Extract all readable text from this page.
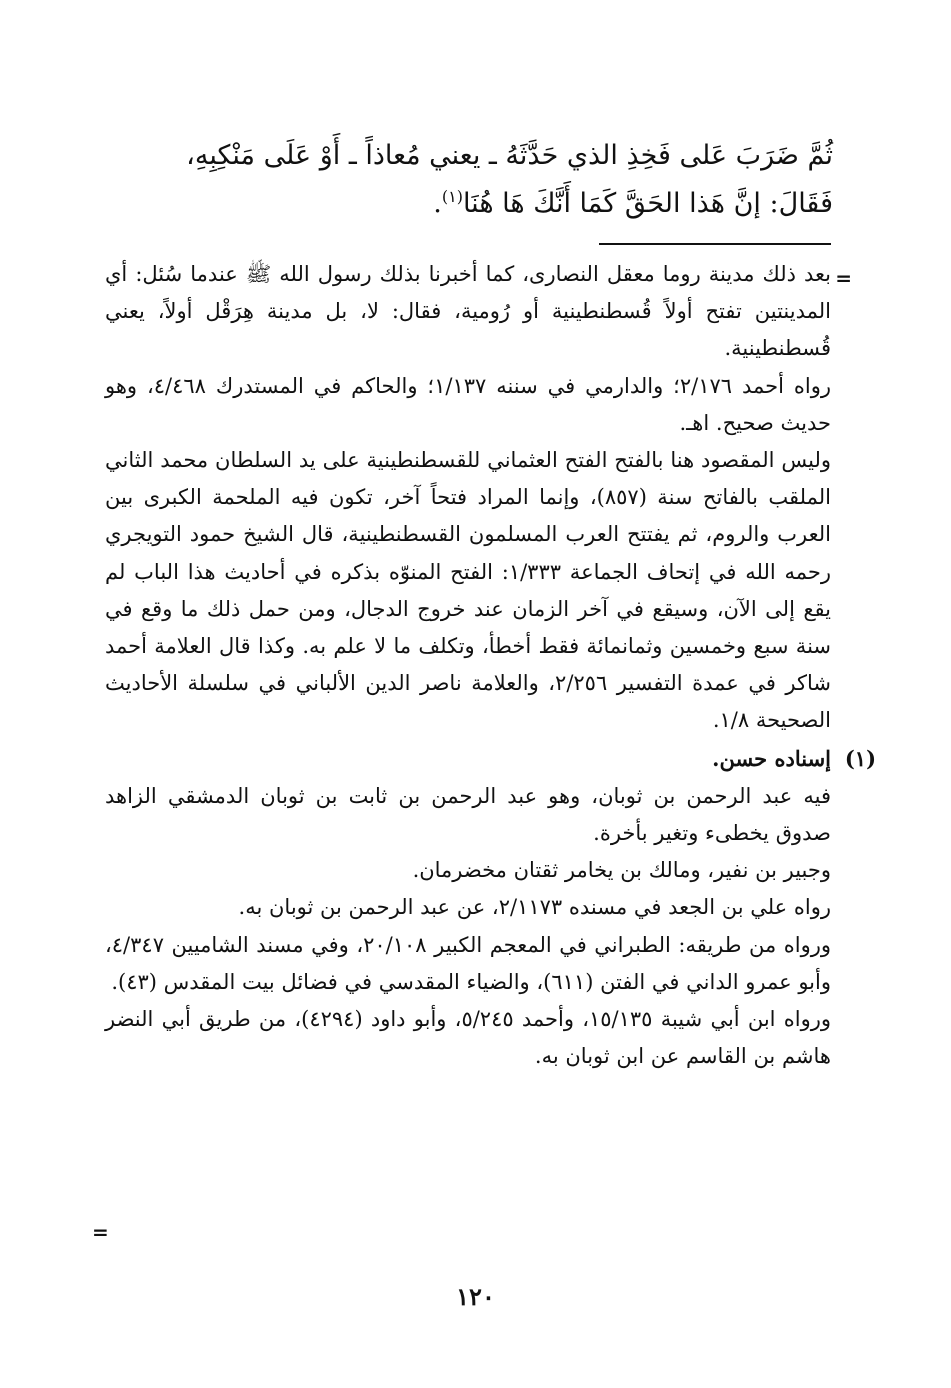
ثُمَّ ضَرَبَ عَلى فَخِذِ الذي حَدَّثَهُ ـ يعني مُعاذاً ـ أَوْ عَلَى مَنْكِبِهِ،

فَقَالَ: إنَّ هَذا الحَقَّ كَمَا أَنَّكَ هَا هُنَا$^{(١)}$.

=

بعد ذلك مدينة روما معقل النصارى، كما أخبرنا بذلك رسول الله ﷺ عندما سُئل: أي المدينتين تفتح أولاً قُسطنطينية أو رُومية، فقال: لا، بل مدينة هِرَقْل أولاً، يعني قُسطنطينية.

رواه أحمد ٢/١٧٦؛ والدارمي في سننه ١/١٣٧؛ والحاكم في المستدرك ٤/٤٦٨، وهو حديث صحيح. اهـ.

وليس المقصود هنا بالفتح الفتح العثماني للقسطنطينية على يد السلطان محمد الثاني الملقب بالفاتح سنة (٨٥٧)، وإنما المراد فتحاً آخر، تكون فيه الملحمة الكبرى بين العرب والروم، ثم يفتتح العرب المسلمون القسطنطينية، قال الشيخ حمود التويجري رحمه الله في إتحاف الجماعة ١/٣٣٣: الفتح المنوّه بذكره في أحاديث هذا الباب لم يقع إلى الآن، وسيقع في آخر الزمان عند خروج الدجال، ومن حمل ذلك ما وقع في سنة سبع وخمسين وثمانمائة فقط أخطأ، وتكلف ما لا علم به. وكذا قال العلامة أحمد شاكر في عمدة التفسير ٢/٢٥٦، والعلامة ناصر الدين الألباني في سلسلة الأحاديث الصحيحة ١/٨.

(١)
إسناده حسن.

فيه عبد الرحمن بن ثوبان، وهو عبد الرحمن بن ثابت بن ثوبان الدمشقي الزاهد صدوق يخطىء وتغير بأخرة.

وجبير بن نفير، ومالك بن يخامر ثقتان مخضرمان.

رواه علي بن الجعد في مسنده ٢/١١٧٣، عن عبد الرحمن بن ثوبان به.

ورواه من طريقه: الطبراني في المعجم الكبير ٢٠/١٠٨، وفي مسند الشاميين ٤/٣٤٧، وأبو عمرو الداني في الفتن (٦١١)، والضياء المقدسي في فضائل بيت المقدس (٤٣).

ورواه ابن أبي شيبة ١٥/١٣٥، وأحمد ٥/٢٤٥، وأبو داود (٤٢٩٤)، من طريق أبي النضر هاشم بن القاسم عن ابن ثوبان به.

=
١٢٠
